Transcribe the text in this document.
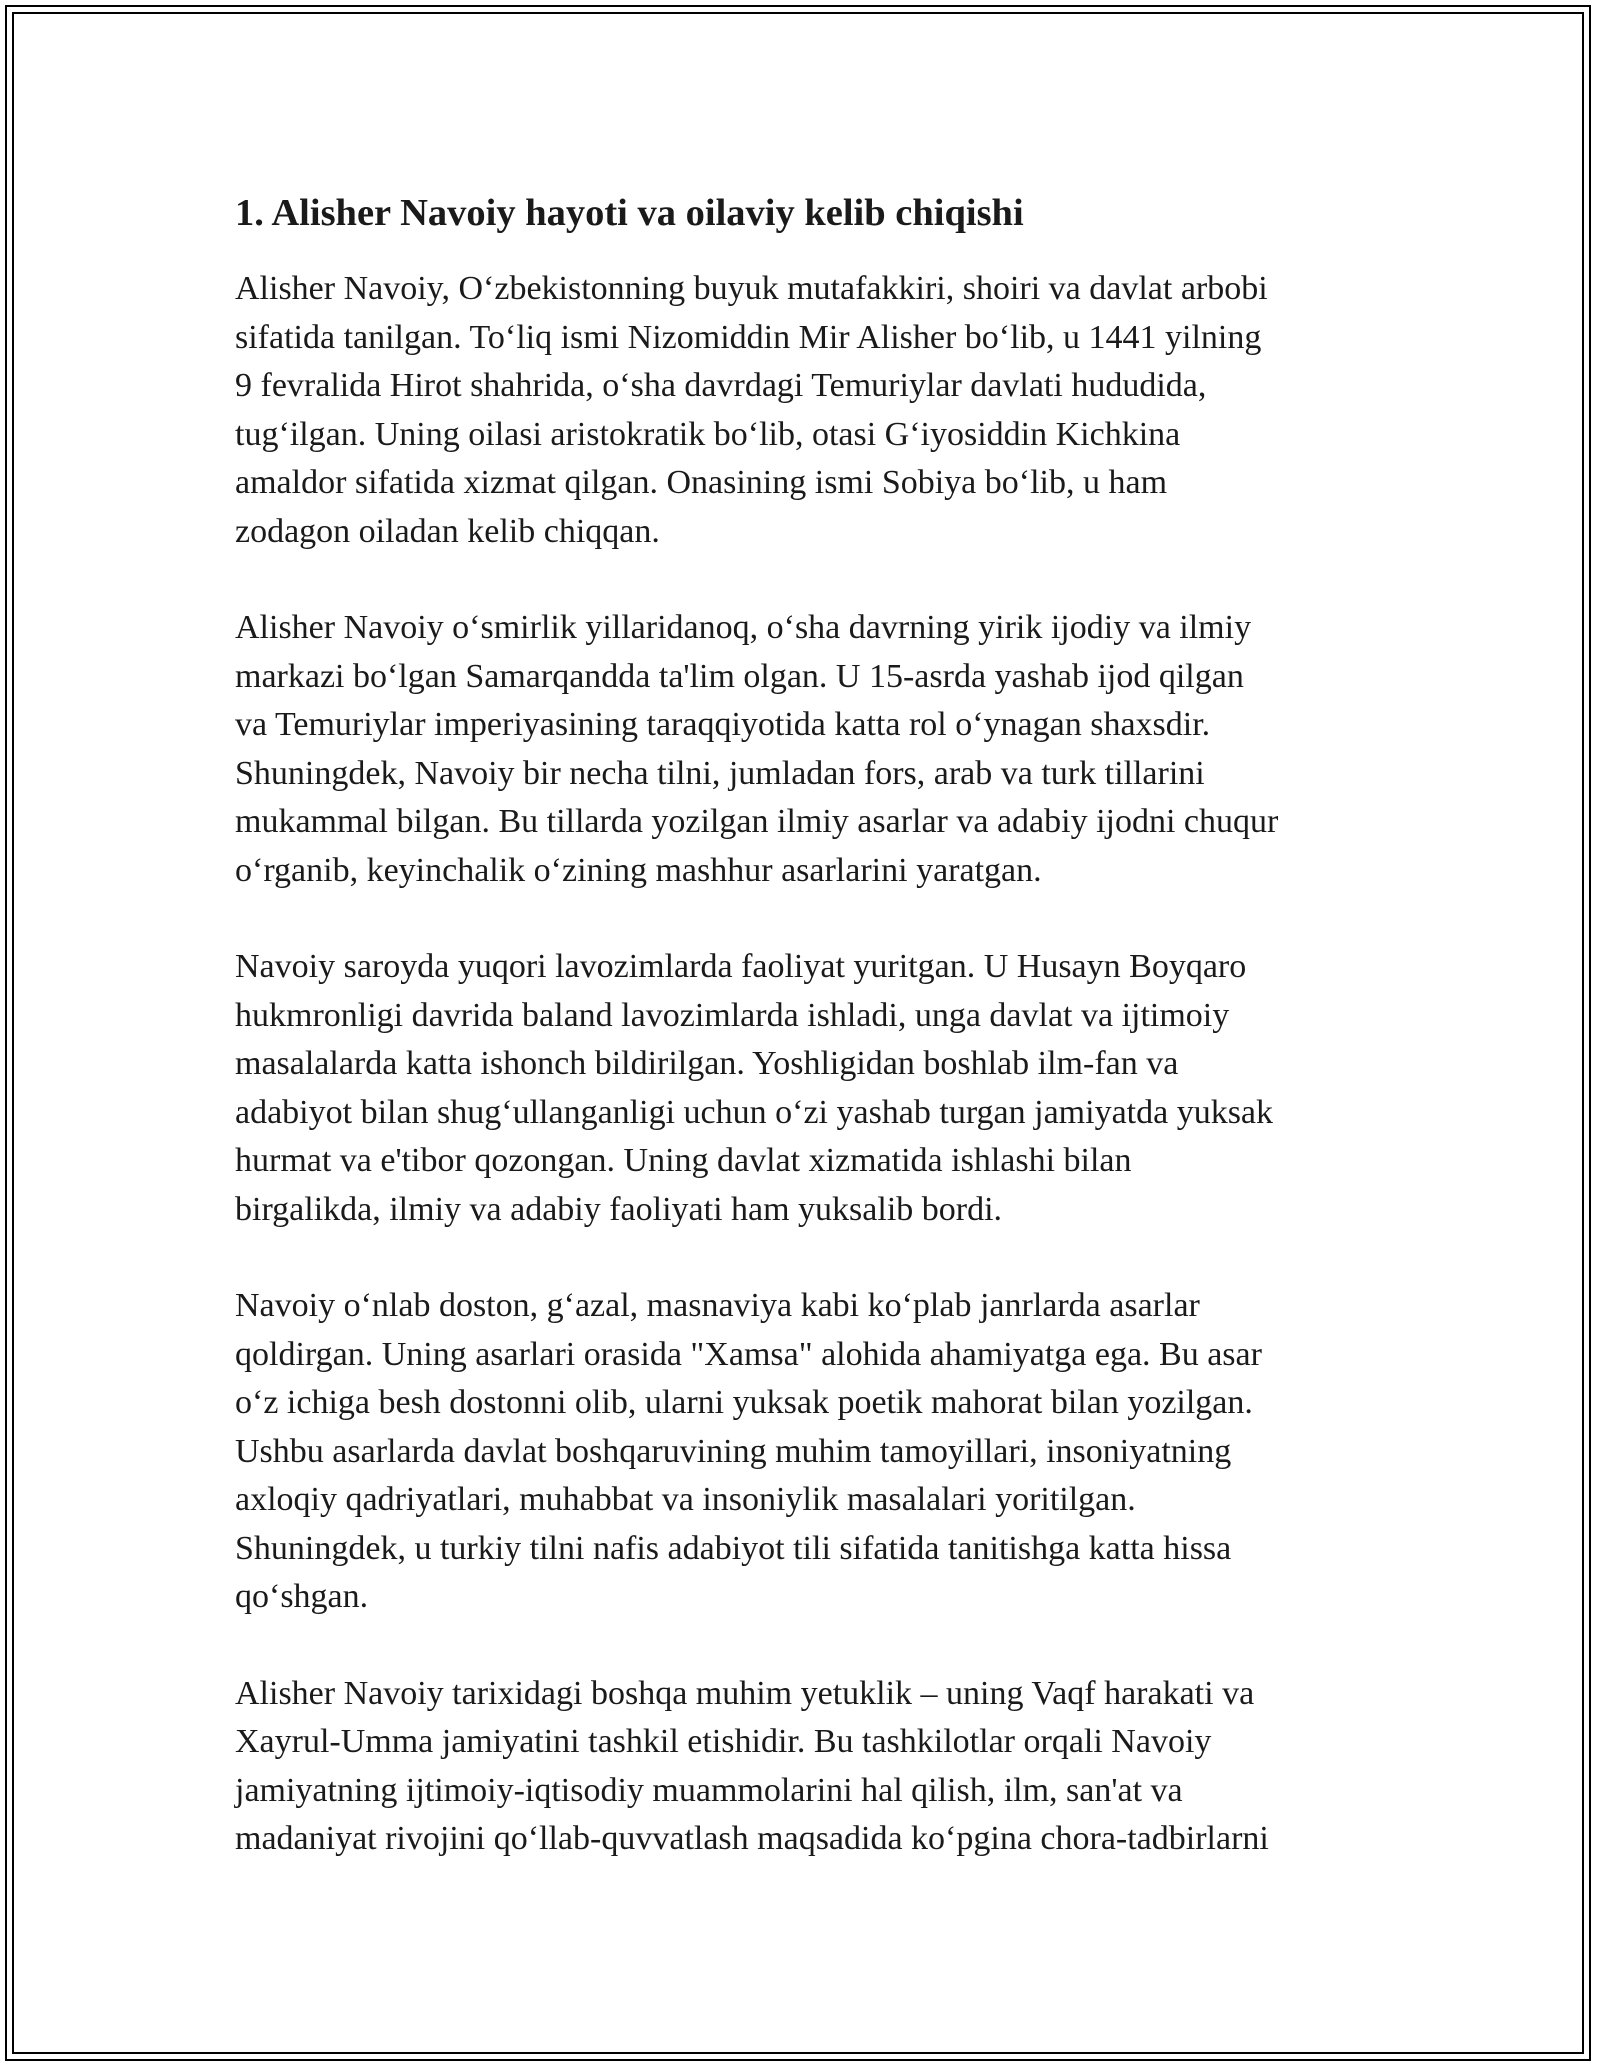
1. Alisher Navoiy hayoti va oilaviy kelib chiqishi
Alisher Navoiy, Oʻzbekistonning buyuk mutafakkiri, shoiri va davlat arbobi
sifatida tanilgan. Toʻliq ismi Nizomiddin Mir Alisher boʻlib, u 1441 yilning
9 fevralida Hirot shahrida, oʻsha davrdagi Temuriylar davlati hududida,
tugʻilgan. Uning oilasi aristokratik boʻlib, otasi Gʻiyosiddin Kichkina
amaldor sifatida xizmat qilgan. Onasining ismi Sobiya boʻlib, u ham
zodagon oiladan kelib chiqqan.
Alisher Navoiy oʻsmirlik yillaridanoq, oʻsha davrning yirik ijodiy va ilmiy
markazi boʻlgan Samarqandda ta'lim olgan. U 15-asrda yashab ijod qilgan
va Temuriylar imperiyasining taraqqiyotida katta rol oʻynagan shaxsdir.
Shuningdek, Navoiy bir necha tilni, jumladan fors, arab va turk tillarini
mukammal bilgan. Bu tillarda yozilgan ilmiy asarlar va adabiy ijodni chuqur
oʻrganib, keyinchalik oʻzining mashhur asarlarini yaratgan.
Navoiy saroyda yuqori lavozimlarda faoliyat yuritgan. U Husayn Boyqaro
hukmronligi davrida baland lavozimlarda ishladi, unga davlat va ijtimoiy
masalalarda katta ishonch bildirilgan. Yoshligidan boshlab ilm-fan va
adabiyot bilan shugʻullanganligi uchun oʻzi yashab turgan jamiyatda yuksak
hurmat va e'tibor qozongan. Uning davlat xizmatida ishlashi bilan
birgalikda, ilmiy va adabiy faoliyati ham yuksalib bordi.
Navoiy oʻnlab doston, gʻazal, masnaviya kabi koʻplab janrlarda asarlar
qoldirgan. Uning asarlari orasida "Xamsa" alohida ahamiyatga ega. Bu asar
oʻz ichiga besh dostonni olib, ularni yuksak poetik mahorat bilan yozilgan.
Ushbu asarlarda davlat boshqaruvining muhim tamoyillari, insoniyatning
axloqiy qadriyatlari, muhabbat va insoniylik masalalari yoritilgan.
Shuningdek, u turkiy tilni nafis adabiyot tili sifatida tanitishga katta hissa
qoʻshgan.
Alisher Navoiy tarixidagi boshqa muhim yetuklik – uning Vaqf harakati va
Xayrul-Umma jamiyatini tashkil etishidir. Bu tashkilotlar orqali Navoiy
jamiyatning ijtimoiy-iqtisodiy muammolarini hal qilish, ilm, san'at va
madaniyat rivojini qoʻllab-quvvatlash maqsadida koʻpgina chora-tadbirlarni
